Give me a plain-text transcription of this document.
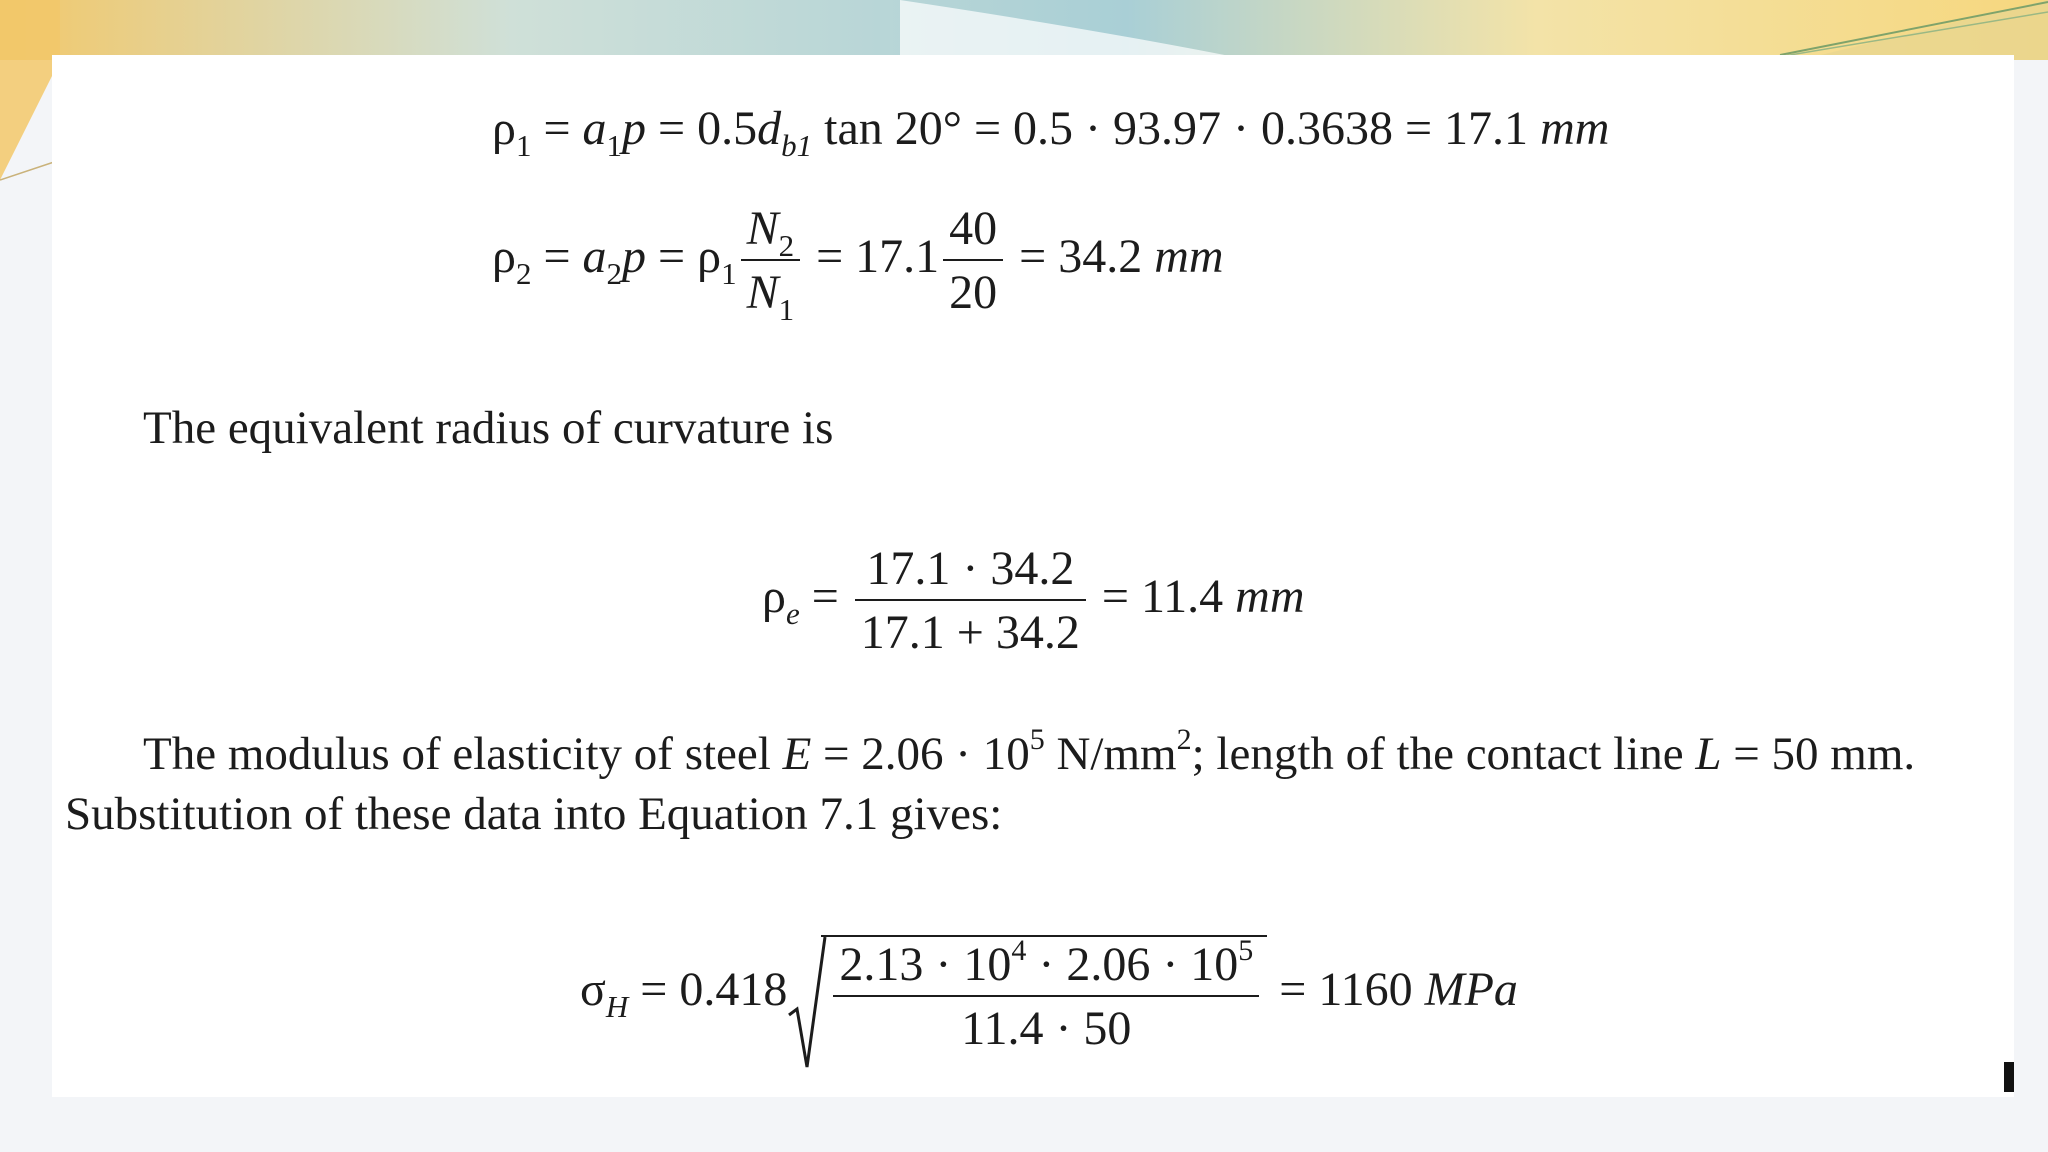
$\rho_1 = a_1p = 0.5d_{b1}$ tan 20° = 0.5 · 93.97 · 0.3638 = 17.1 mm
$\rho_2 = a_2p = \rho_1 \frac{N_2}{N_1} = 17.1 \frac{40}{20} = 34.2$ mm
The equivalent radius of curvature is
$\rho_e = \frac{17.1 \cdot 34.2}{17.1 + 34.2} = 11.4$ mm
The modulus of elasticity of steel $E = 2.06 \cdot 10^5$ $N/mm^2$; length of the contact line L = 50 mm.
Substitution of these data into Equation 7.1 gives:
$\sigma_H = 0.418 \frac{2.13 \cdot 10^4 \cdot 2.06 \cdot 10^5}{11.4 \cdot 50} = 1160$ MPa
